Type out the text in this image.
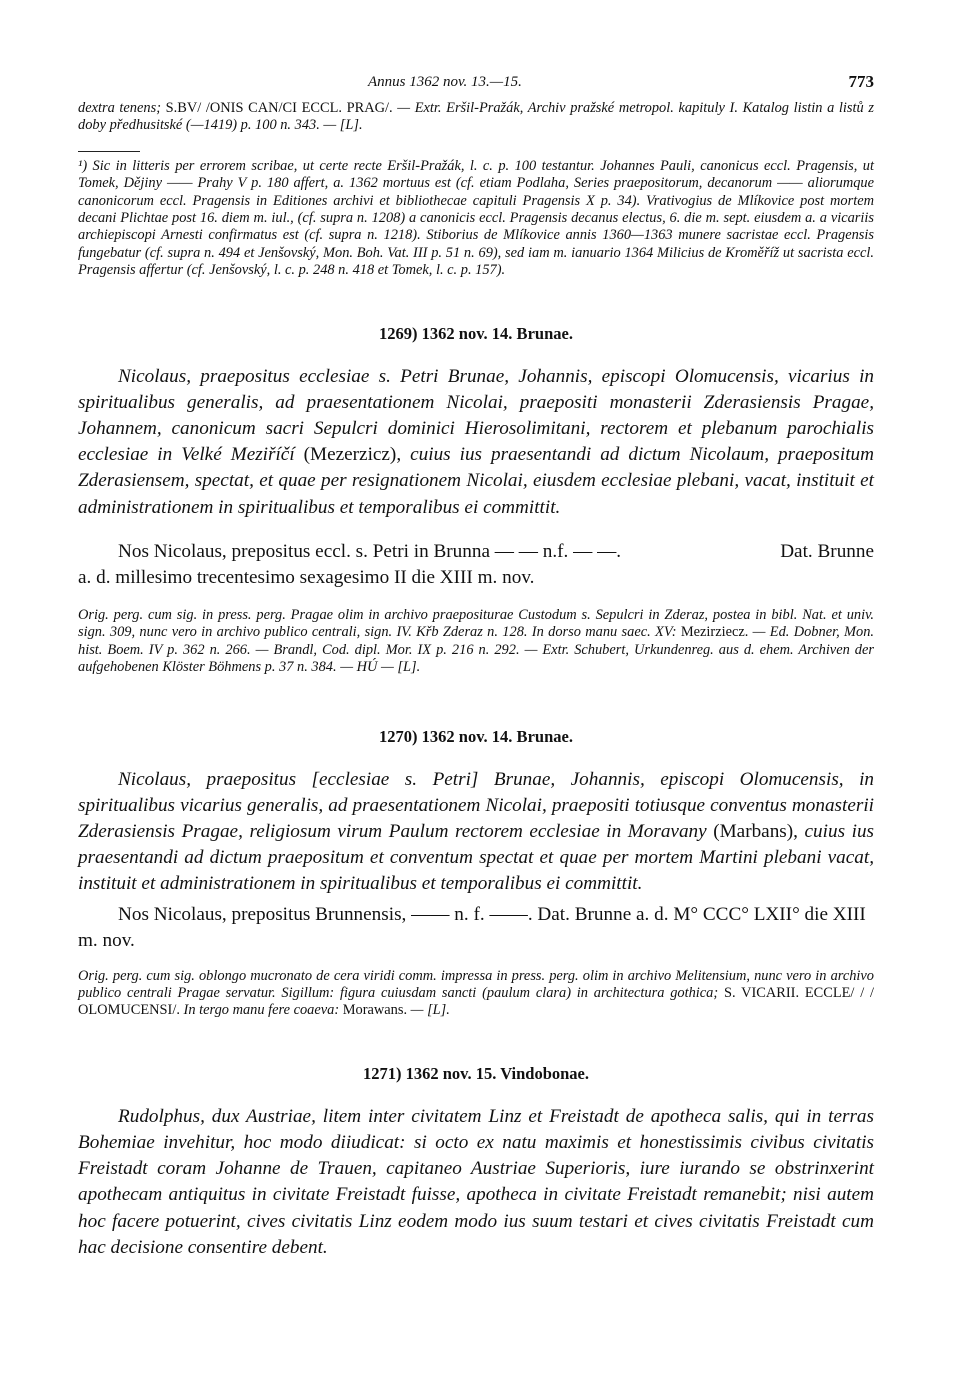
Annus 1362 nov. 13.—15.	773

dextra tenens; S.BV/ /ONIS CAN/CI ECCL. PRAG/. — Extr. Eršil-Pražák, Archiv pražské metropol. kapituly I. Katalog listin a listů z doby předhusitské (—1419) p. 100 n. 343. — [L].

¹) Sic in litteris per errorem scribae, ut certe recte Eršil-Pražák, l. c. p. 100 testantur. Johannes Pauli, canonicus eccl. Pragensis, ut Tomek, Dějiny —— Prahy V p. 180 affert, a. 1362 mortuus est (cf. etiam Podlaha, Series praepositorum, decanorum —— aliorumque canonicorum eccl. Pragensis in Editiones archivi et bibliothecae capituli Pragensis X p. 34). Vrativogius de Mlíkovice post mortem decani Plichtae post 16. diem m. iul., (cf. supra n. 1208) a canonicis eccl. Pragensis decanus electus, 6. die m. sept. eiusdem a. a vicariis archiepiscopi Arnesti confirmatus est (cf. supra n. 1218). Stiborius de Mlíkovice annis 1360—1363 munere sacristae eccl. Pragensis fungebatur (cf. supra n. 494 et Jenšovský, Mon. Boh. Vat. III p. 51 n. 69), sed iam m. ianuario 1364 Milicius de Kroměříž ut sacrista eccl. Pragensis affertur (cf. Jenšovský, l. c. p. 248 n. 418 et Tomek, l. c. p. 157).

1269) 1362 nov. 14. Brunae.

Nicolaus, praepositus ecclesiae s. Petri Brunae, Johannis, episcopi Olomucensis, vicarius in spiritualibus generalis, ad praesentationem Nicolai, praepositi monasterii Zderasiensis Pragae, Johannem, canonicum sacri Sepulcri dominici Hierosolimitani, rectorem et plebanum parochialis ecclesiae in Velké Meziříčí (Mezerzicz), cuius ius praesentandi ad dictum Nicolaum, praepositum Zderasiensem, spectat, et quae per resignationem Nicolai, eiusdem ecclesiae plebani, vacat, instituit et administrationem in spiritualibus et temporalibus ei committit.

Nos Nicolaus, prepositus eccl. s. Petri in Brunna — — n.f. — —.	Dat. Brunne

a. d. millesimo trecentesimo sexagesimo II die XIII m. nov.

Orig. perg. cum sig. in press. perg. Pragae olim in archivo praepositurae Custodum s. Sepulcri in Zderaz, postea in bibl. Nat. et univ. sign. 309, nunc vero in archivo publico centrali, sign. IV. Křb Zderaz n. 128. In dorso manu saec. XV: Mezirziecz. — Ed. Dobner, Mon. hist. Boem. IV p. 362 n. 266. — Brandl, Cod. dipl. Mor. IX p. 216 n. 292. — Extr. Schubert, Urkundenreg. aus d. ehem. Archiven der aufgehobenen Klöster Böhmens p. 37 n. 384. — HÚ — [L].

1270) 1362 nov. 14. Brunae.

Nicolaus, praepositus [ecclesiae s. Petri] Brunae, Johannis, episcopi Olomucensis, in spiritualibus vicarius generalis, ad praesentationem Nicolai, praepositi totiusque conventus monasterii Zderasiensis Pragae, religiosum virum Paulum rectorem ecclesiae in Moravany (Marbans), cuius ius praesentandi ad dictum praepositum et conventum spectat et quae per mortem Martini plebani vacat, instituit et administrationem in spiritualibus et temporalibus ei committit.

Nos Nicolaus, prepositus Brunnensis, —— n. f. ——. Dat. Brunne a. d. M° CCC° LXII° die XIII m. nov.

Orig. perg. cum sig. oblongo mucronato de cera viridi comm. impressa in press. perg. olim in archivo Melitensium, nunc vero in archivo publico centrali Pragae servatur. Sigillum: figura cuiusdam sancti (paulum clara) in architectura gothica; S. VICARII. ECCLE/ / / OLOMUCENSI/. In tergo manu fere coaeva: Morawans. — [L].

1271) 1362 nov. 15. Vindobonae.

Rudolphus, dux Austriae, litem inter civitatem Linz et Freistadt de apotheca salis, qui in terras Bohemiae invehitur, hoc modo diiudicat: si octo ex natu maximis et honestissimis civibus civitatis Freistadt coram Johanne de Trauen, capitaneo Austriae Superioris, iure iurando se obstrinxerint apothecam antiquitus in civitate Freistadt fuisse, apotheca in civitate Freistadt remanebit; nisi autem hoc facere potuerint, cives civitatis Linz eodem modo ius suum testari et cives civitatis Freistadt cum hac decisione consentire debent.
